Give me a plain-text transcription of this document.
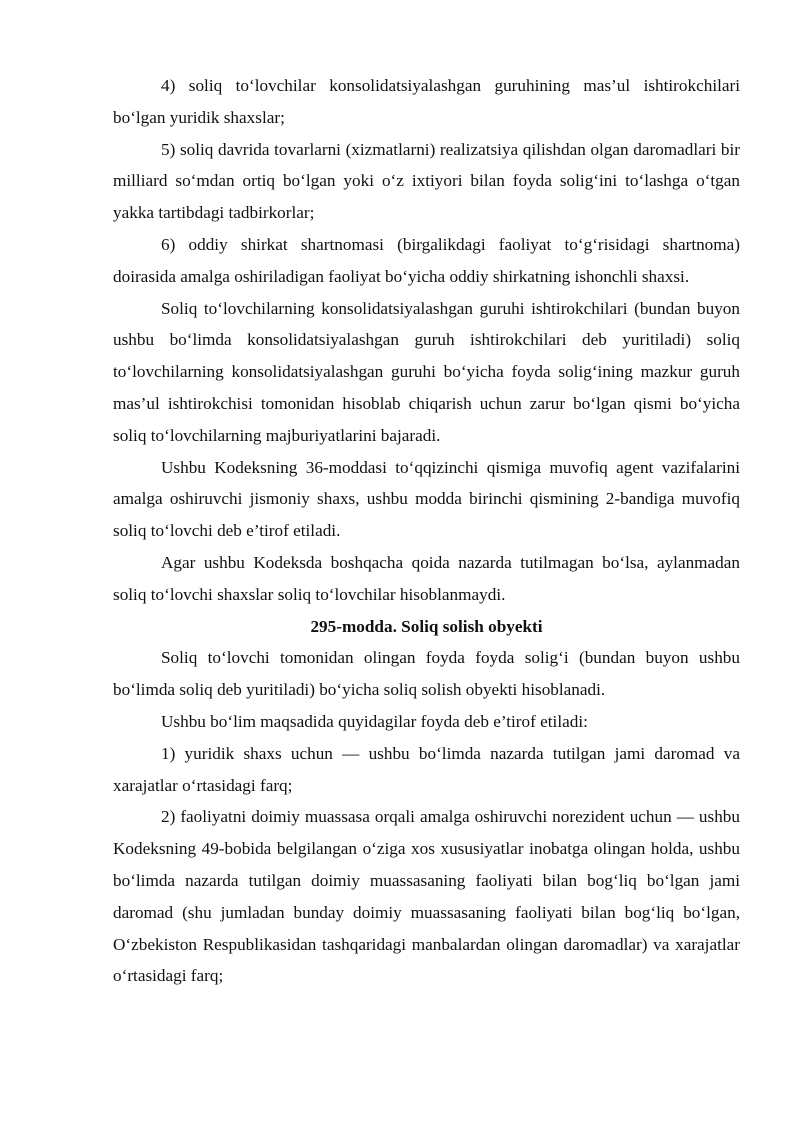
4) soliq to‘lovchilar konsolidatsiyalashgan guruhining mas’ul ishtirokchilari bo‘lgan yuridik shaxslar;

5) soliq davrida tovarlarni (xizmatlarni) realizatsiya qilishdan olgan daromadlari bir milliard so‘mdan ortiq bo‘lgan yoki o‘z ixtiyori bilan foyda solig‘ini to‘lashga o‘tgan yakka tartibdagi tadbirkorlar;

6) oddiy shirkat shartnomasi (birgalikdagi faoliyat to‘g‘risidagi shartnoma) doirasida amalga oshiriladigan faoliyat bo‘yicha oddiy shirkatning ishonchli shaxsi.

Soliq to‘lovchilarning konsolidatsiyalashgan guruhi ishtirokchilari (bundan buyon ushbu bo‘limda konsolidatsiyalashgan guruh ishtirokchilari deb yuritiladi) soliq to‘lovchilarning konsolidatsiyalashgan guruhi bo‘yicha foyda solig‘ining mazkur guruh mas’ul ishtirokchisi tomonidan hisoblab chiqarish uchun zarur bo‘lgan qismi bo‘yicha soliq to‘lovchilarning majburiyatlarini bajaradi.

Ushbu Kodeksning 36-moddasi to‘qqizinchi qismiga muvofiq agent vazifalarini amalga oshiruvchi jismoniy shaxs, ushbu modda birinchi qismining 2-bandiga muvofiq soliq to‘lovchi deb e’tirof etiladi.

Agar ushbu Kodeksda boshqacha qoida nazarda tutilmagan bo‘lsa, aylanmadan soliq to‘lovchi shaxslar soliq to‘lovchilar hisoblanmaydi.

295-modda. Soliq solish obyekti

Soliq to‘lovchi tomonidan olingan foyda foyda solig‘i (bundan buyon ushbu bo‘limda soliq deb yuritiladi) bo‘yicha soliq solish obyekti hisoblanadi.

Ushbu bo‘lim maqsadida quyidagilar foyda deb e’tirof etiladi:

1) yuridik shaxs uchun — ushbu bo‘limda nazarda tutilgan jami daromad va xarajatlar o‘rtasidagi farq;

2) faoliyatni doimiy muassasa orqali amalga oshiruvchi norezident uchun — ushbu Kodeksning 49-bobida belgilangan o‘ziga xos xususiyatlar inobatga olingan holda, ushbu bo‘limda nazarda tutilgan doimiy muassasaning faoliyati bilan bog‘liq bo‘lgan jami daromad (shu jumladan bunday doimiy muassasaning faoliyati bilan bog‘liq bo‘lgan, O‘zbekiston Respublikasidan tashqaridagi manbalardan olingan daromadlar) va xarajatlar o‘rtasidagi farq;
